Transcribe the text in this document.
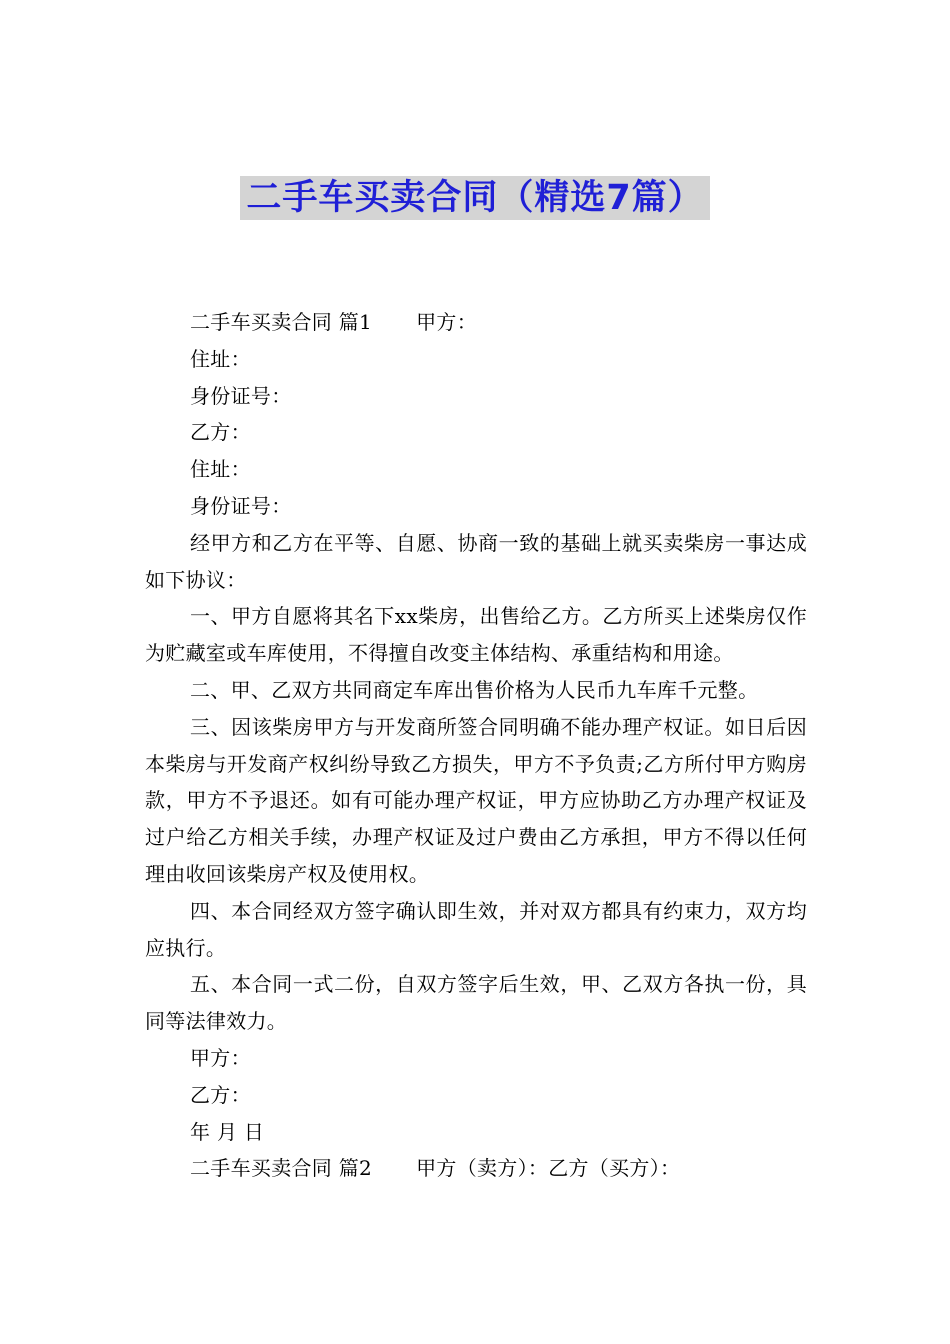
二手车买卖合同（精选7篇）

二手车买卖合同 篇1 甲方：

住址：

身份证号：

乙方：

住址：

身份证号：

经甲方和乙方在平等、自愿、协商一致的基础上就买卖柴房一事达成如下协议：

一、甲方自愿将其名下xx柴房，出售给乙方。乙方所买上述柴房仅作为贮藏室或车库使用，不得擅自改变主体结构、承重结构和用途。

二、甲、乙双方共同商定车库出售价格为人民币九车库千元整。

三、因该柴房甲方与开发商所签合同明确不能办理产权证。如日后因本柴房与开发商产权纠纷导致乙方损失，甲方不予负责;乙方所付甲方购房款，甲方不予退还。如有可能办理产权证，甲方应协助乙方办理产权证及过户给乙方相关手续，办理产权证及过户费由乙方承担，甲方不得以任何理由收回该柴房产权及使用权。

四、本合同经双方签字确认即生效，并对双方都具有约束力，双方均应执行。

五、本合同一式二份，自双方签字后生效，甲、乙双方各执一份，具同等法律效力。

甲方：

乙方：

年 月 日

二手车买卖合同 篇2 甲方（卖方）：乙方（买方）：
